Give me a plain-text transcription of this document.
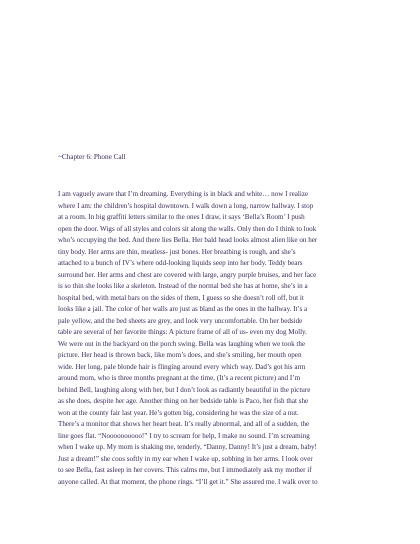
~Chapter 6: Phone Call

I am vaguely aware that I’m dreaming. Everything is in black and white… now I realize
where I am: the children’s hospital downtown. I walk down a long, narrow hallway. I stop
at a room. In big graffiti letters similar to the ones I draw, it says ‘Bella’s Room’ I push
open the door. Wigs of all styles and colors sit along the walls. Only then do I think to look
who’s occupying the bed. And there lies Bella. Her bald head looks almost alien like on her
tiny body. Her arms are thin, meatless- just bones. Her breathing is rough, and she’s
attached to a bunch of IV’s where odd-looking liquids seep into her body. Teddy bears
surround her. Her arms and chest are covered with large, angry purple bruises, and her face
is so thin she looks like a skeleton. Instead of the normal bed she has at home, she’s in a
hospital bed, with metal bars on the sides of them, I guess so she doesn’t roll off, but it
looks like a jail. The color of her walls are just as bland as the ones in the hallway. It’s a
pale yellow, and the bed sheets are grey, and look very uncomfortable. On her bedside
table are several of her favorite things: A picture frame of all of us- even my dog Molly.
We were out in the backyard on the porch swing. Bella was laughing when we took the
picture. Her head is thrown back, like mom’s does, and she’s smiling, her mouth open
wide. Her long, pale blonde hair is flinging around every which way. Dad’s got his arm
around mom, who is three months pregnant at the time, (It’s a recent picture) and I’m
behind Bell, laughing along with her, but I don’t look as radiantly beautiful in the picture
as she does, despite her age. Another thing on her bedside table is Paco, her fish that she
won at the county fair last year. He’s gotten big, considering he was the size of a nut.
There’s a monitor that shows her heart beat. It’s really abnormal, and all of a sudden, the
line goes flat. “Noooooooooo!” I try to scream for help, I make no sound. I’m screaming
when I wake up. My mom is shaking me, tenderly, “Danny, Danny! It’s just a dream, baby!
Just a dream!” she coos softly in my ear when I wake up, sobbing in her arms. I look over
to see Bella, fast asleep in her covers. This calms me, but I immediately ask my mother if
anyone called. At that moment, the phone rings. “I’ll get it.” She assured me. I walk over to
